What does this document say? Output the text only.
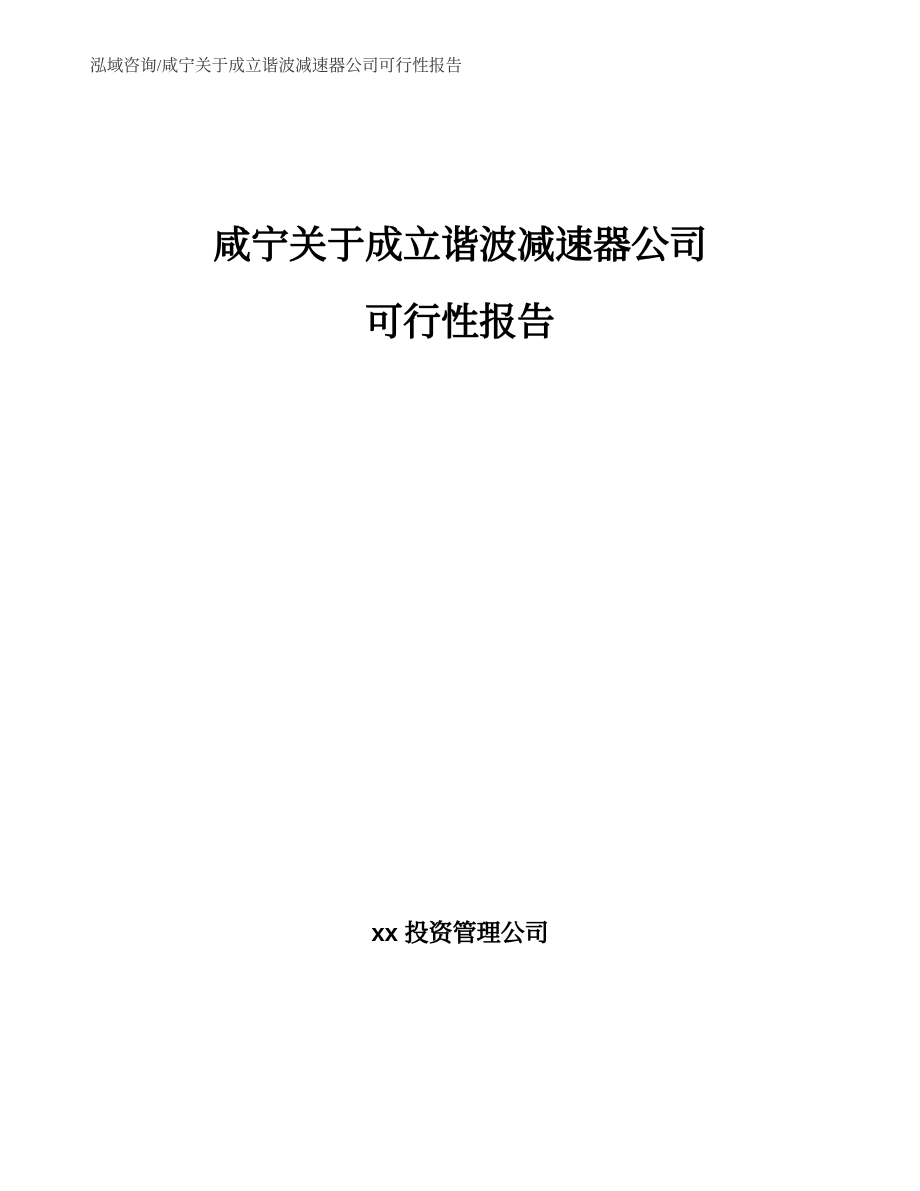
泓域咨询/咸宁关于成立谐波减速器公司可行性报告
咸宁关于成立谐波减速器公司
可行性报告
xx 投资管理公司
